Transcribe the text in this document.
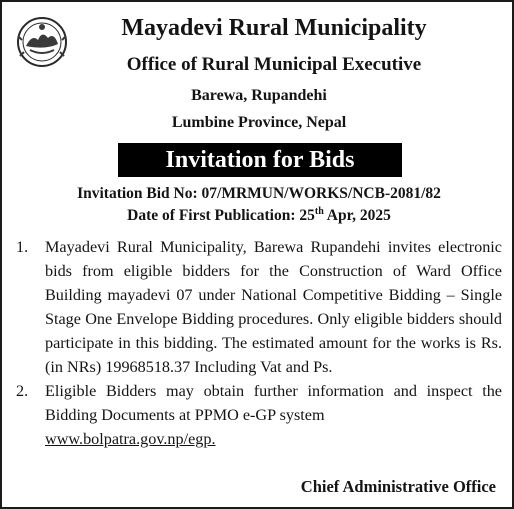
Mayadevi Rural Municipality
Office of Rural Municipal Executive
Barewa, Rupandehi
Lumbine Province, Nepal
Invitation for Bids
Invitation Bid No: 07/MRMUN/WORKS/NCB-2081/82
Date of First Publication: 25th Apr, 2025
1. Mayadevi Rural Municipality, Barewa Rupandehi invites electronic bids from eligible bidders for the Construction of Ward Office Building mayadevi 07 under National Competitive Bidding – Single Stage One Envelope Bidding procedures. Only eligible bidders should participate in this bidding. The estimated amount for the works is Rs. (in NRs) 19968518.37 Including Vat and Ps.
2. Eligible Bidders may obtain further information and inspect the Bidding Documents at PPMO e-GP system
www.bolpatra.gov.np/egp.
Chief Administrative Office
